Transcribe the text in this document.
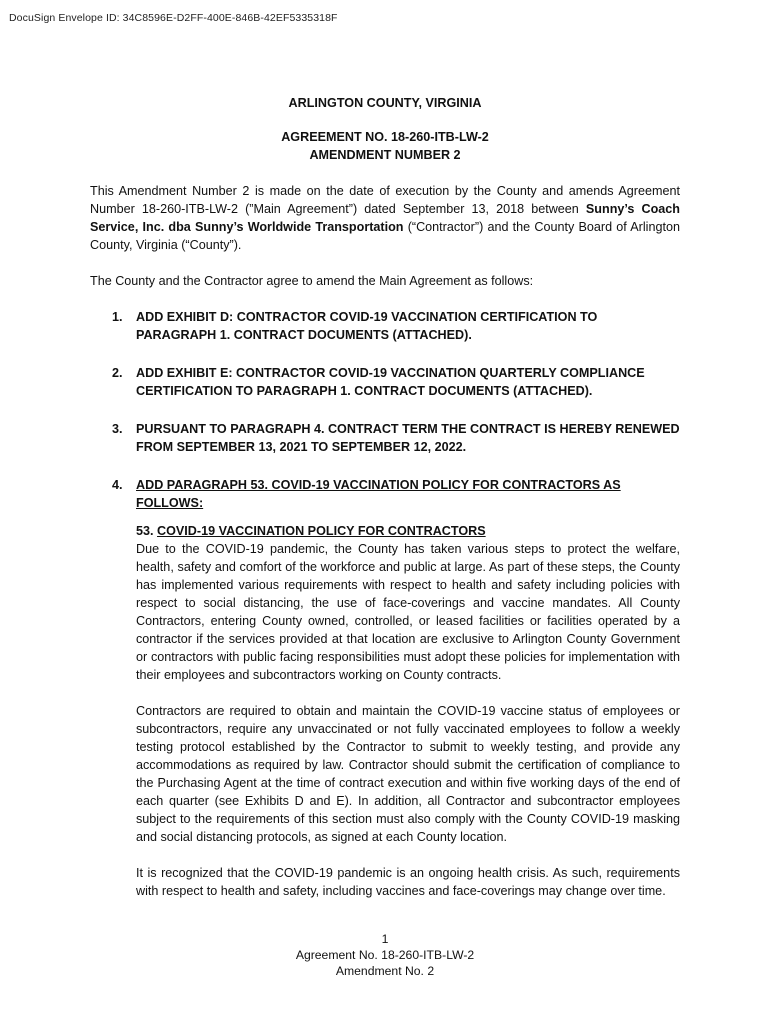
DocuSign Envelope ID: 34C8596E-D2FF-400E-846B-42EF5335318F
ARLINGTON COUNTY, VIRGINIA
AGREEMENT NO. 18-260-ITB-LW-2
AMENDMENT NUMBER 2

This Amendment Number 2 is made on the date of execution by the County and amends Agreement Number 18-260-ITB-LW-2 (”Main Agreement”) dated September 13, 2018 between Sunny’s Coach Service, Inc. dba Sunny’s Worldwide Transportation (“Contractor”) and the County Board of Arlington County, Virginia (“County”).

The County and the Contractor agree to amend the Main Agreement as follows:

1. ADD EXHIBIT D: CONTRACTOR COVID-19 VACCINATION CERTIFICATION TO PARAGRAPH 1. CONTRACT DOCUMENTS (ATTACHED).
2. ADD EXHIBIT E: CONTRACTOR COVID-19 VACCINATION QUARTERLY COMPLIANCE CERTIFICATION TO PARAGRAPH 1. CONTRACT DOCUMENTS (ATTACHED).
3. PURSUANT TO PARAGRAPH 4. CONTRACT TERM THE CONTRACT IS HEREBY RENEWED FROM SEPTEMBER 13, 2021 TO SEPTEMBER 12, 2022.
4. ADD PARAGRAPH 53. COVID-19 VACCINATION POLICY FOR CONTRACTORS AS FOLLOWS:
53. COVID-19 VACCINATION POLICY FOR CONTRACTORS

Due to the COVID-19 pandemic, the County has taken various steps to protect the welfare, health, safety and comfort of the workforce and public at large. As part of these steps, the County has implemented various requirements with respect to health and safety including policies with respect to social distancing, the use of face-coverings and vaccine mandates. All County Contractors, entering County owned, controlled, or leased facilities or facilities operated by a contractor if the services provided at that location are exclusive to Arlington County Government or contractors with public facing responsibilities must adopt these policies for implementation with their employees and subcontractors working on County contracts.

Contractors are required to obtain and maintain the COVID-19 vaccine status of employees or subcontractors, require any unvaccinated or not fully vaccinated employees to follow a weekly testing protocol established by the Contractor to submit to weekly testing, and provide any accommodations as required by law. Contractor should submit the certification of compliance to the Purchasing Agent at the time of contract execution and within five working days of the end of each quarter (see Exhibits D and E). In addition, all Contractor and subcontractor employees subject to the requirements of this section must also comply with the County COVID-19 masking and social distancing protocols, as signed at each County location.

It is recognized that the COVID-19 pandemic is an ongoing health crisis. As such, requirements with respect to health and safety, including vaccines and face-coverings may change over time.

1
Agreement No. 18-260-ITB-LW-2
Amendment No. 2
